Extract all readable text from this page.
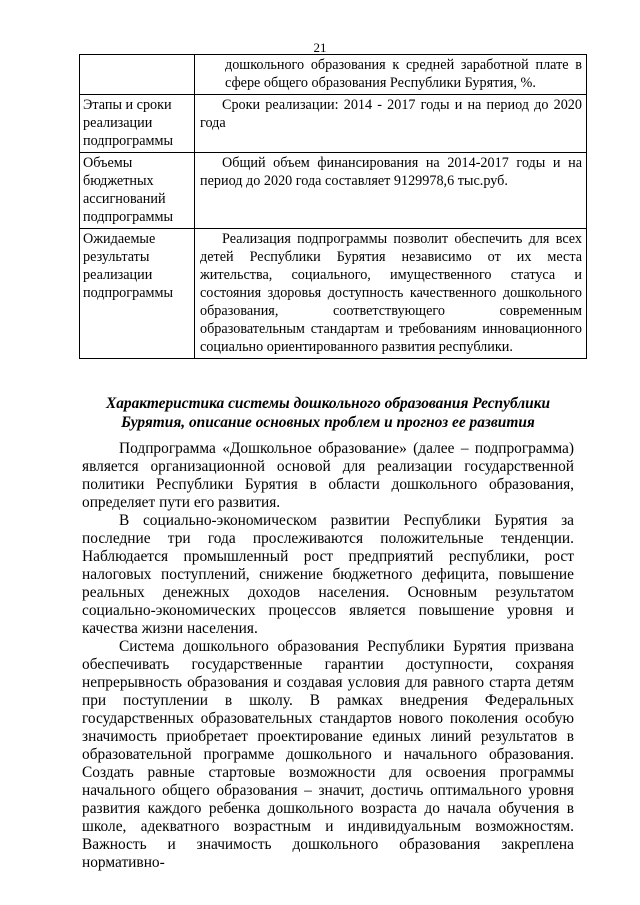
21
	дошкольного образования к средней заработной плате в сфере общего образования Республики Бурятия, %.
Этапы и сроки реализации подпрограммы	Сроки реализации: 2014 - 2017 годы и на период до 2020 года
Объемы бюджетных ассигнований подпрограммы	Общий объем финансирования на 2014-2017 годы и на период до 2020 года составляет 9129978,6 тыс.руб.
Ожидаемые результаты реализации подпрограммы	Реализация подпрограммы позволит обеспечить для всех детей Республики Бурятия независимо от их места жительства, социального, имущественного статуса и состояния здоровья доступность качественного дошкольного образования, соответствующего современным образовательным стандартам и требованиям инновационного социально ориентированного развития республики.
Характеристика системы дошкольного образования Республики Бурятия, описание основных проблем и прогноз ее развития

Подпрограмма «Дошкольное образование» (далее – подпрограмма) является организационной основой для реализации государственной политики Республики Бурятия в области дошкольного образования, определяет пути его развития.

В социально-экономическом развитии Республики Бурятия за последние три года прослеживаются положительные тенденции. Наблюдается промышленный рост предприятий республики, рост налоговых поступлений, снижение бюджетного дефицита, повышение реальных денежных доходов населения. Основным результатом социально-экономических процессов является повышение уровня и качества жизни населения.

Система дошкольного образования Республики Бурятия призвана обеспечивать государственные гарантии доступности, сохраняя непрерывность образования и создавая условия для равного старта детям при поступлении в школу. В рамках внедрения Федеральных государственных образовательных стандартов нового поколения особую значимость приобретает проектирование единых линий результатов в образовательной программе дошкольного и начального образования. Создать равные стартовые возможности для освоения программы начального общего образования – значит, достичь оптимального уровня развития каждого ребенка дошкольного возраста до начала обучения в школе, адекватного возрастным и индивидуальным возможностям. Важность и значимость дошкольного образования закреплена нормативно-
